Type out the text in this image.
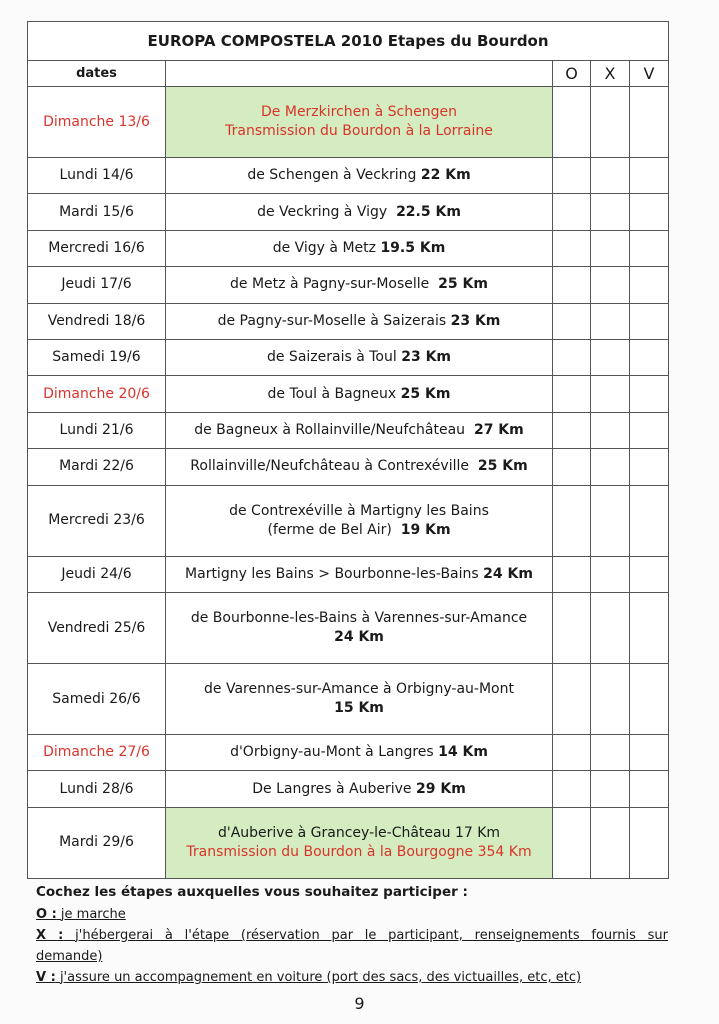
EUROPA COMPOSTELA 2010 Etapes du Bourdon				
dates		O	X	V
Dimanche 13/6	De Merzkirchen à Schengen
Transmission du Bourdon à la Lorraine			

Lundi 14/6	de Schengen à Veckring 22 Km			
Mardi 15/6	de Veckring à Vigy 22.5 Km			
Mercredi 16/6	de Vigy à Metz 19.5 Km			
Jeudi 17/6	de Metz à Pagny-sur-Moselle 25 Km			
Vendredi 18/6	de Pagny-sur-Moselle à Saizerais 23 Km			
Samedi 19/6	de Saizerais à Toul 23 Km			
Dimanche 20/6	de Toul à Bagneux 25 Km			
Lundi 21/6	de Bagneux à Rollainville/Neufchâteau 27 Km			
Mardi 22/6	Rollainville/Neufchâteau à Contrexéville 25 Km			
Mercredi 23/6	de Contrexéville à Martigny les Bains
(ferme de Bel Air) 19 Km			

Jeudi 24/6	Martigny les Bains > Bourbonne-les-Bains 24 Km			
Vendredi 25/6	de Bourbonne-les-Bains à Varennes-sur-Amance
24 Km			

Samedi 26/6	de Varennes-sur-Amance à Orbigny-au-Mont
15 Km			

Dimanche 27/6	d'Orbigny-au-Mont à Langres 14 Km			
Lundi 28/6	De Langres à Auberive 29 Km			
Mardi 29/6	d'Auberive à Grancey-le-Château 17 Km
Transmission du Bourdon à la Bourgogne 354 Km			

Cochez les étapes auxquelles vous souhaitez participer :
O : je marche
X : j'hébergerai à l'étape (réservation par le participant, renseignements fournis sur
demande)
V : j'assure un accompagnement en voiture (port des sacs, des victuailles, etc, etc)
9
